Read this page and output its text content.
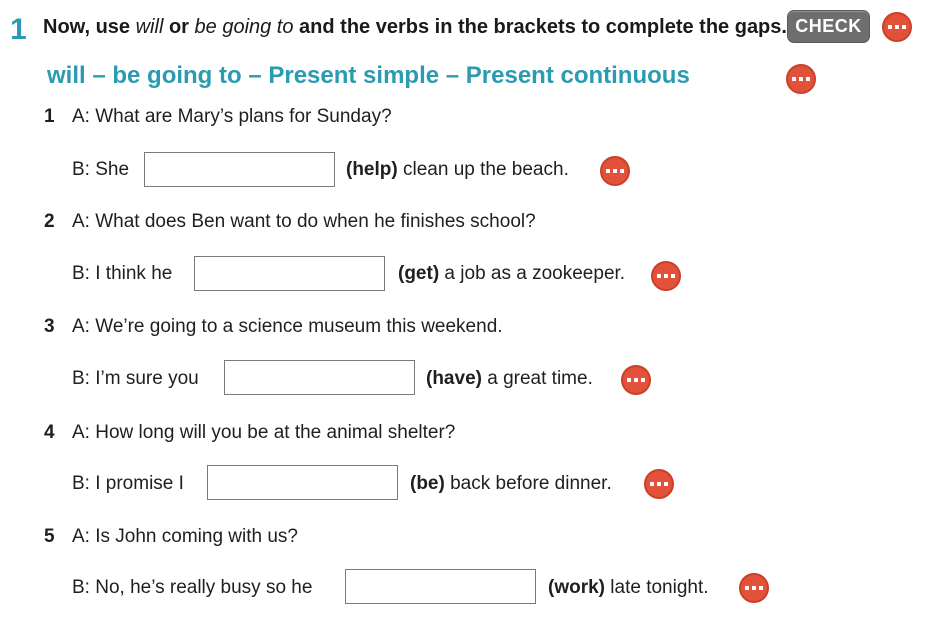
1 Now, use will or be going to and the verbs in the brackets to complete the gaps. CHECK
will – be going to – Present simple – Present continuous
1 A: What are Mary’s plans for Sunday?
B: She	(help) clean up the beach.
2 A: What does Ben want to do when he finishes school?
B: I think he	(get) a job as a zookeeper.
3 A: We’re going to a science museum this weekend.
B: I’m sure you	(have) a great time.
4 A: How long will you be at the animal shelter?
B: I promise I	(be) back before dinner.
5 A: Is John coming with us?
B: No, he’s really busy so he	(work) late tonight.
